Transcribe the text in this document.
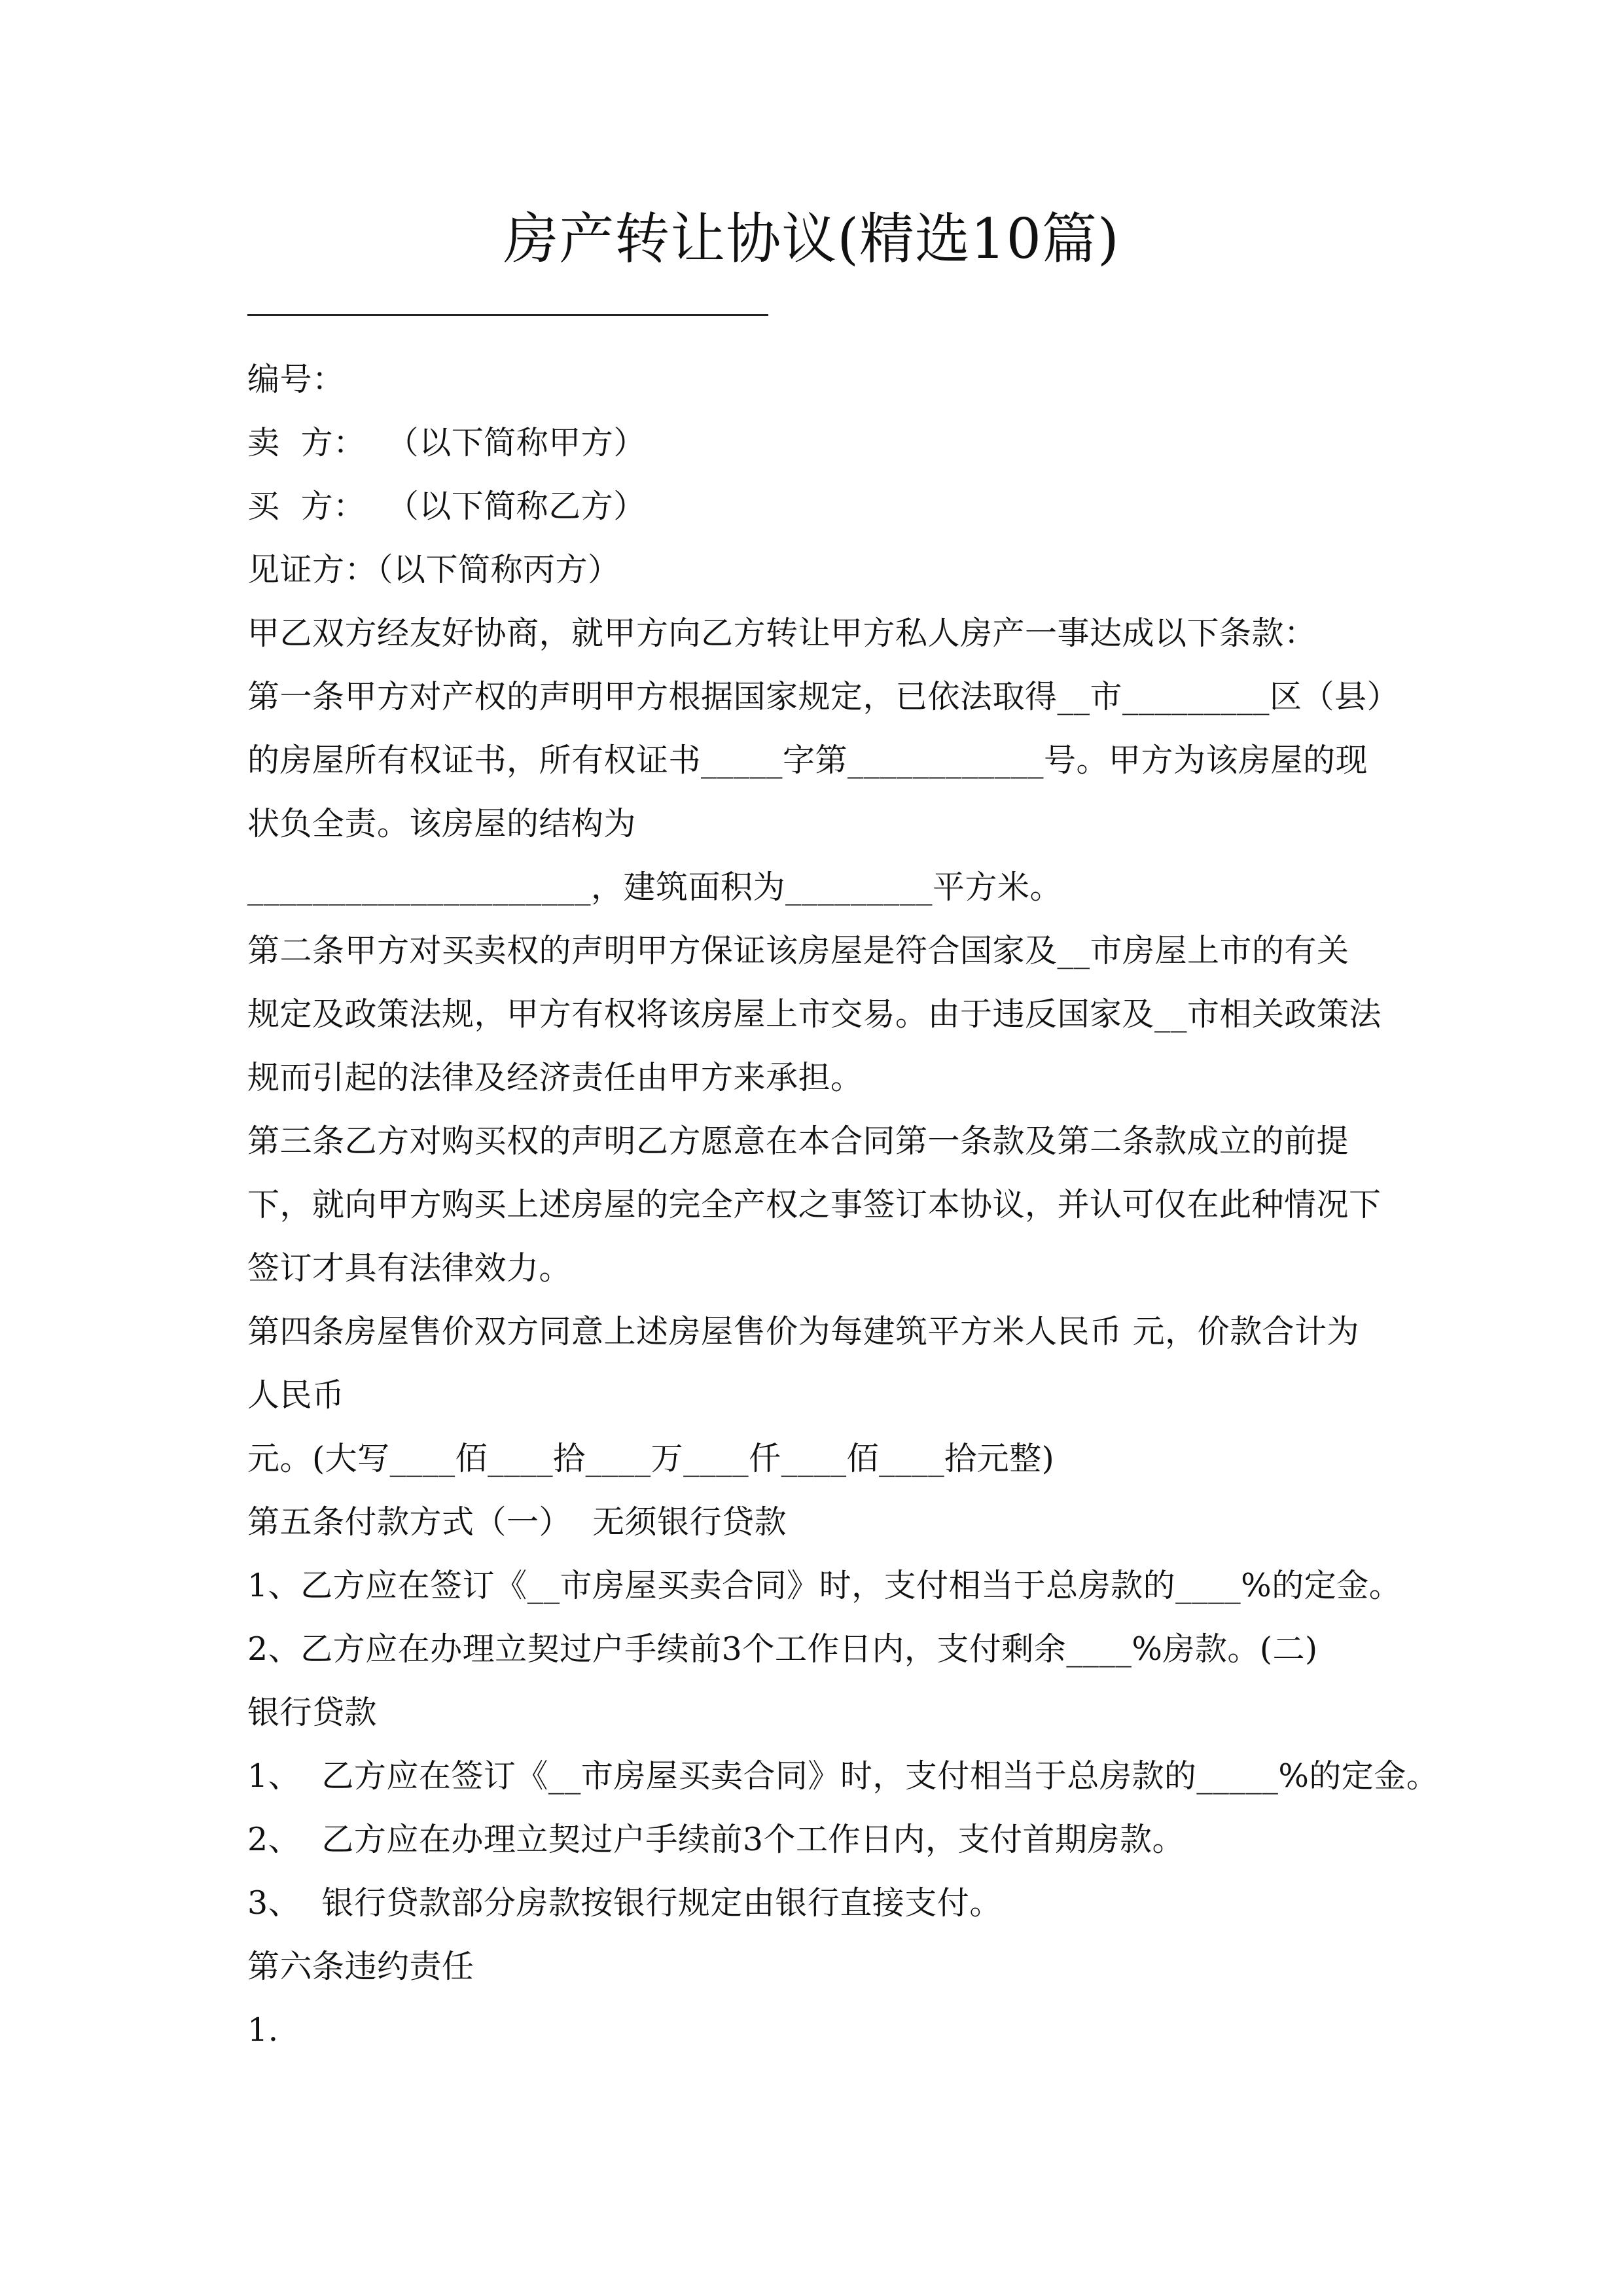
房产转让协议(精选10篇)
编号：
卖  方：  （以下简称甲方）
买  方：  （以下简称乙方）
见证方：（以下简称丙方）
甲乙双方经友好协商，就甲方向乙方转让甲方私人房产一事达成以下条款：
第一条甲方对产权的声明甲方根据国家规定，已依法取得__市_________区（县）
的房屋所有权证书，所有权证书_____字第____________号。甲方为该房屋的现
状负全责。该房屋的结构为
_____________________，建筑面积为_________平方米。
第二条甲方对买卖权的声明甲方保证该房屋是符合国家及__市房屋上市的有关
规定及政策法规，甲方有权将该房屋上市交易。由于违反国家及__市相关政策法
规而引起的法律及经济责任由甲方来承担。
第三条乙方对购买权的声明乙方愿意在本合同第一条款及第二条款成立的前提
下，就向甲方购买上述房屋的完全产权之事签订本协议，并认可仅在此种情况下
签订才具有法律效力。
第四条房屋售价双方同意上述房屋售价为每建筑平方米人民币 元，价款合计为
人民币
元。(大写____佰____拾____万____仟____佰____拾元整)
第五条付款方式（一）  无须银行贷款
1、乙方应在签订《__市房屋买卖合同》时，支付相当于总房款的____%的定金。
2、乙方应在办理立契过户手续前3个工作日内，支付剩余____%房款。(二)
银行贷款
1、  乙方应在签订《__市房屋买卖合同》时，支付相当于总房款的_____%的定金。
2、  乙方应在办理立契过户手续前3个工作日内，支付首期房款。
3、  银行贷款部分房款按银行规定由银行直接支付。
第六条违约责任
1.
